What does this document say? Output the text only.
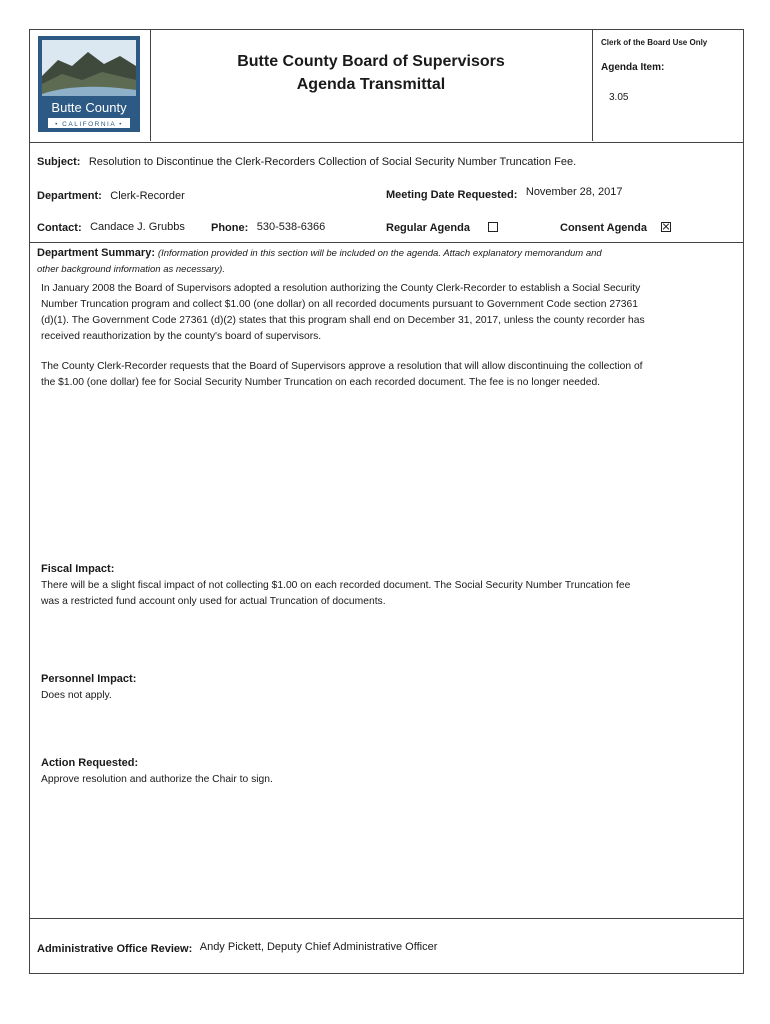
Butte County
• CALIFORNIA •
Butte County Board of Supervisors
Agenda Transmittal
Clerk of the Board Use Only
Agenda Item:
3.05
Subject: Resolution to Discontinue the Clerk-Recorders Collection of Social Security Number Truncation Fee.
Department: Clerk-Recorder	Meeting Date Requested: November 28, 2017
Contact: Candace J. Grubbs Phone: 530-538-6366	Regular Agenda	Consent Agenda
Department Summary: (Information provided in this section will be included on the agenda. Attach explanatory memorandum and
other background information as necessary).
In January 2008 the Board of Supervisors adopted a resolution authorizing the County Clerk-Recorder to establish a Social Security
Number Truncation program and collect $1.00 (one dollar) on all recorded documents pursuant to Government Code section 27361
(d)(1). The Government Code 27361 (d)(2) states that this program shall end on December 31, 2017, unless the county recorder has
received reauthorization by the county's board of supervisors.
The County Clerk-Recorder requests that the Board of Supervisors approve a resolution that will allow discontinuing the collection of
the $1.00 (one dollar) fee for Social Security Number Truncation on each recorded document. The fee is no longer needed.
Fiscal Impact:
There will be a slight fiscal impact of not collecting $1.00 on each recorded document. The Social Security Number Truncation fee
was a restricted fund account only used for actual Truncation of documents.
Personnel Impact:
Does not apply.
Action Requested:
Approve resolution and authorize the Chair to sign.
Administrative Office Review: Andy Pickett, Deputy Chief Administrative Officer
